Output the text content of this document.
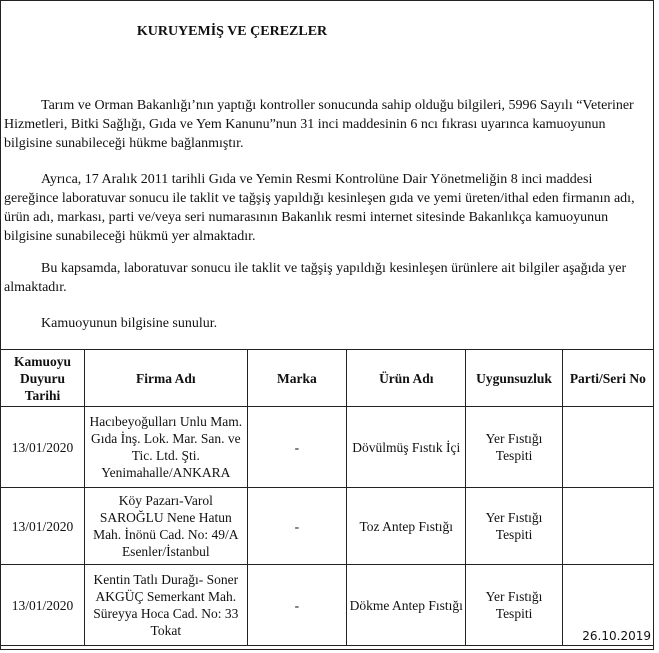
KURUYEMİŞ VE ÇEREZLER
Tarım ve Orman Bakanlığı’nın yaptığı kontroller sonucunda sahip olduğu bilgileri, 5996 Sayılı “Veteriner Hizmetleri, Bitki Sağlığı, Gıda ve Yem Kanunu”nun 31 inci maddesinin 6 ncı fıkrası uyarınca kamuoyunun bilgisine sunabileceği hükme bağlanmıştır.
Ayrıca, 17 Aralık 2011 tarihli Gıda ve Yemin Resmi Kontrolüne Dair Yönetmeliğin 8 inci maddesi gereğince laboratuvar sonucu ile taklit ve tağşiş yapıldığı kesinleşen gıda ve yemi üreten/ithal eden firmanın adı, ürün adı, markası, parti ve/veya seri numarasının Bakanlık resmi internet sitesinde Bakanlıkça kamuoyunun bilgisine sunabileceği hükmü yer almaktadır.
Bu kapsamda, laboratuvar sonucu ile taklit ve tağşiş yapıldığı kesinleşen ürünlere ait bilgiler aşağıda yer almaktadır.
Kamuoyunun bilgisine sunulur.
Kamuoyu Duyuru Tarihi	Firma Adı	Marka	Ürün Adı	Uygunsuzluk	Parti/Seri No
13/01/2020	Hacıbeyoğulları Unlu Mam. Gıda İnş. Lok. Mar. San. ve Tic. Ltd. Şti. Yenimahalle/ANKARA	-	Dövülmüş Fıstık İçi	Yer Fıstığı Tespiti	
13/01/2020	Köy Pazarı-Varol SAROĞLU Nene Hatun Mah. İnönü Cad. No: 49/A Esenler/İstanbul	-	Toz Antep Fıstığı	Yer Fıstığı Tespiti	
13/01/2020	Kentin Tatlı Durağı- Soner AKGÜÇ Semerkant Mah. Süreyya Hoca Cad. No: 33 Tokat	-	Dökme Antep Fıstığı	Yer Fıstığı Tespiti	26.10.2019
